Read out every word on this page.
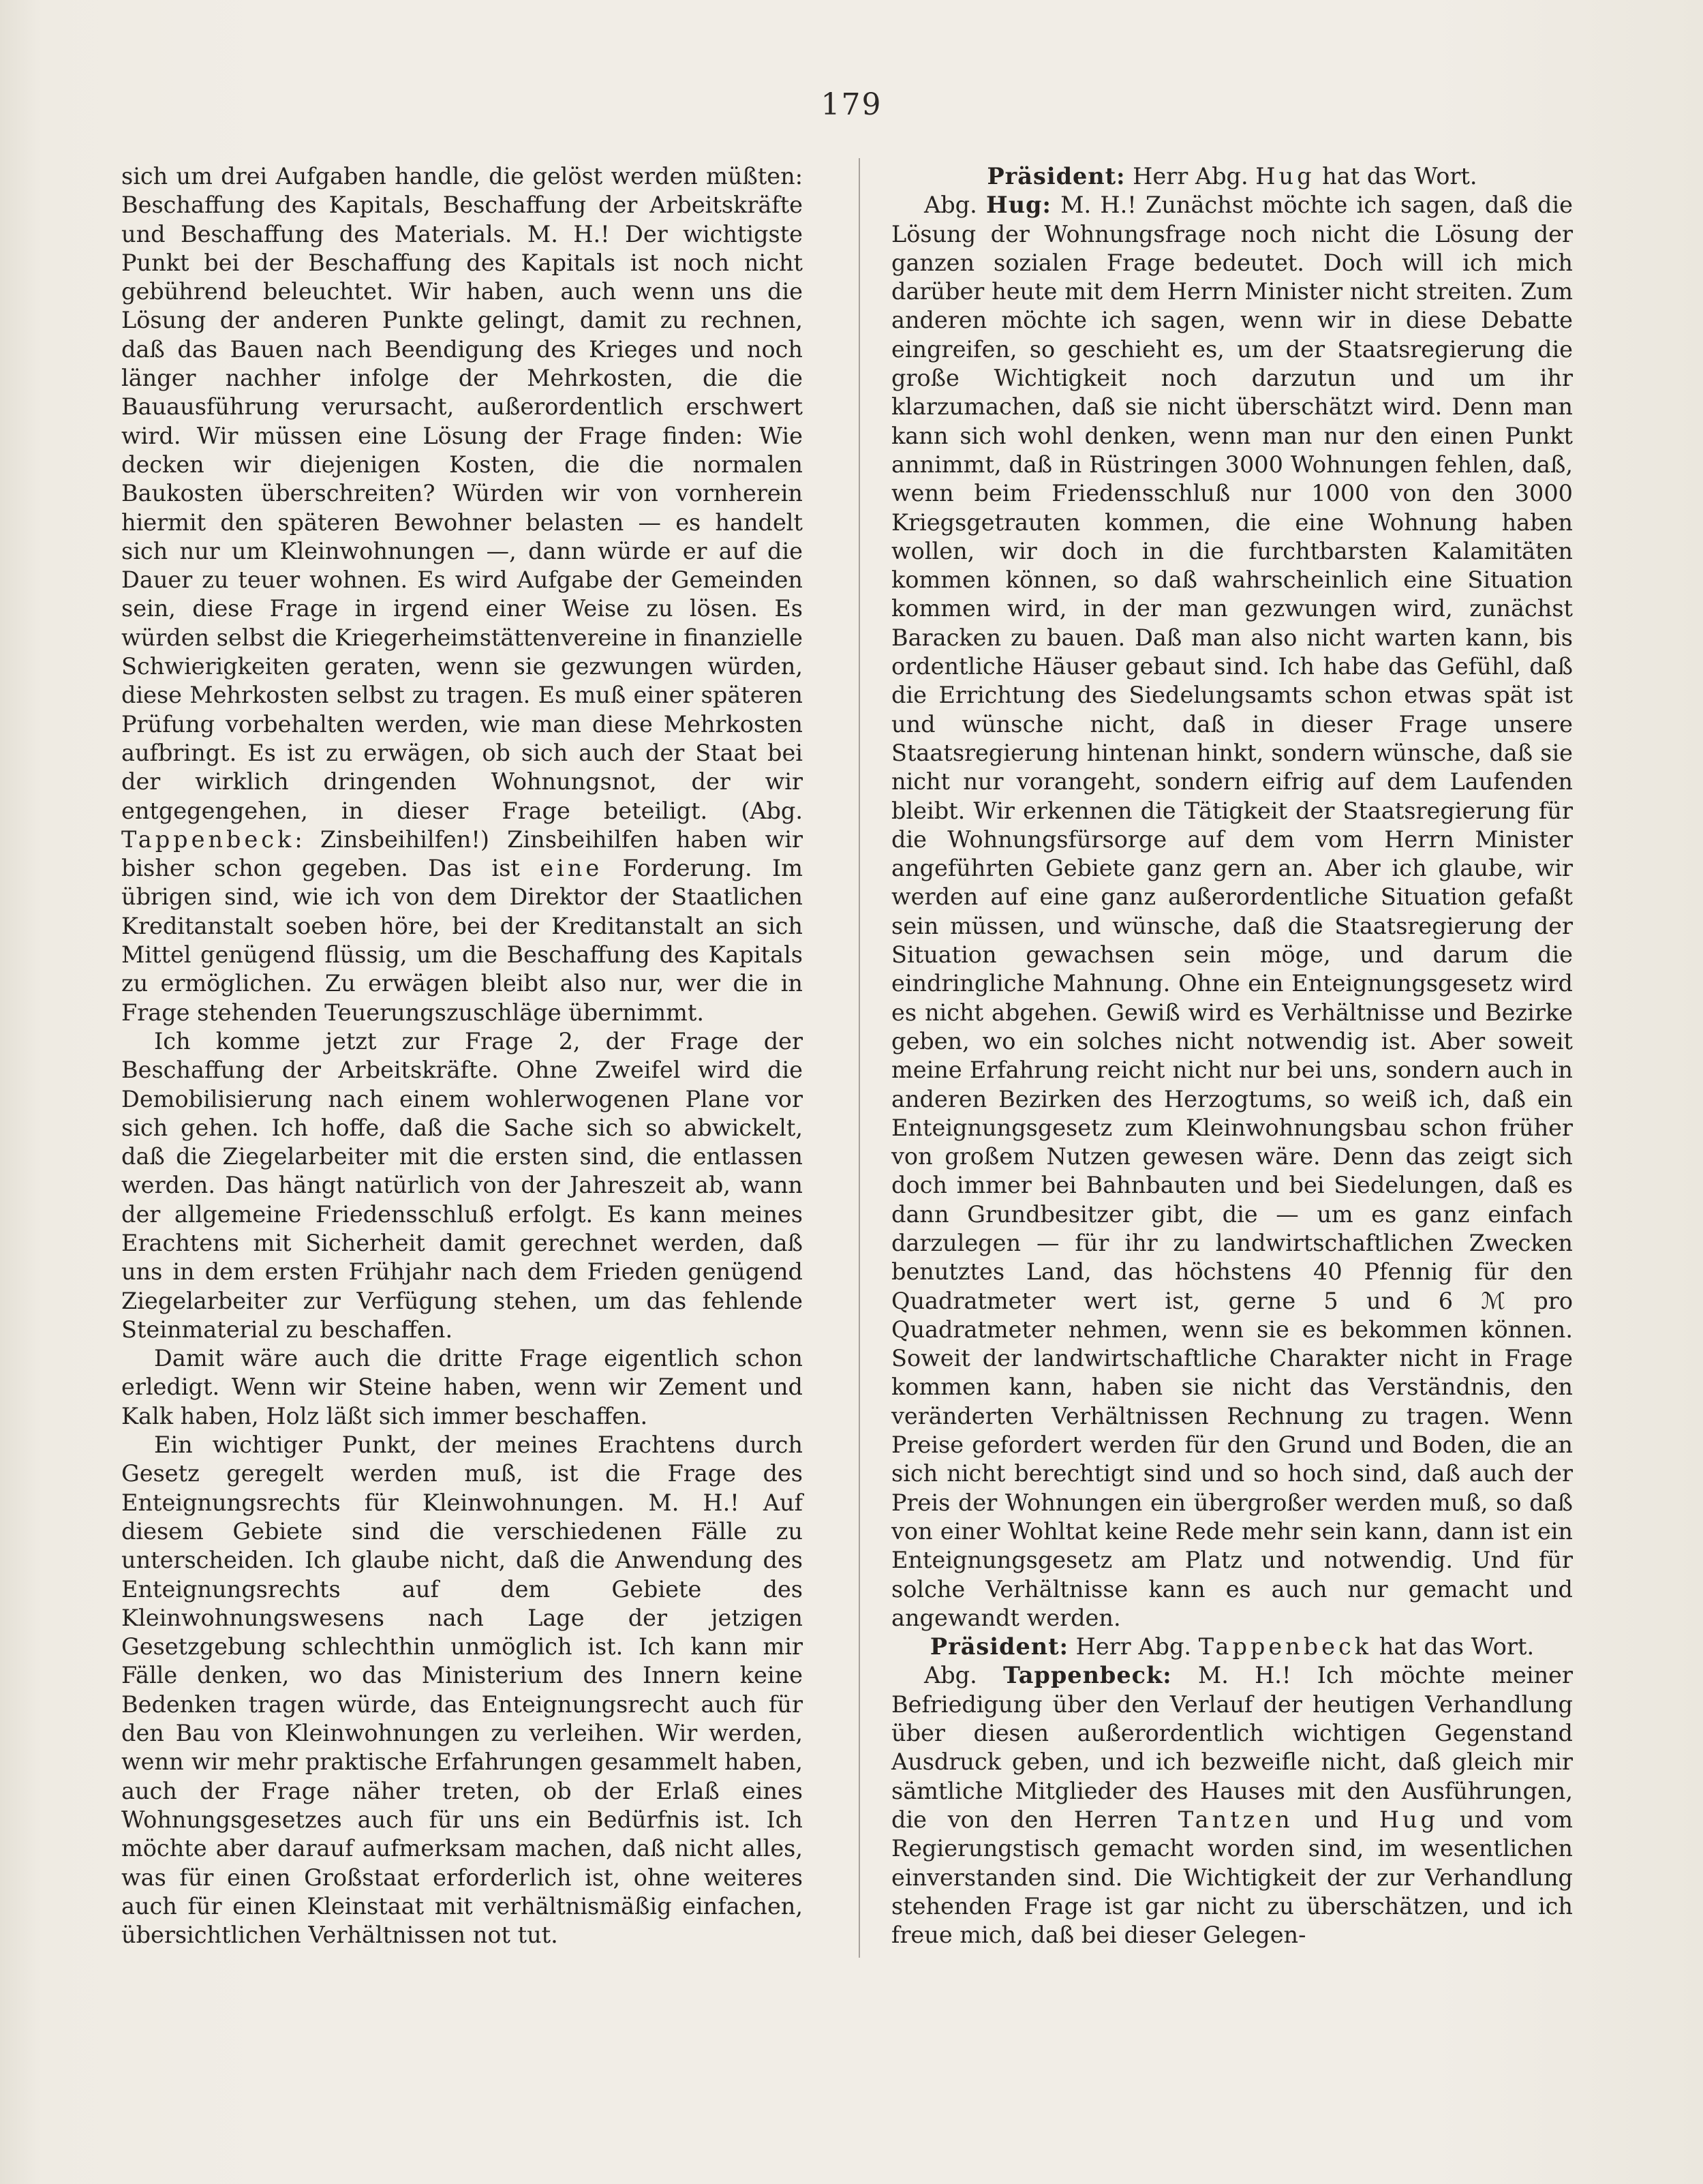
179

sich um drei Aufgaben handle, die gelöst werden müßten: Beschaffung des Kapitals, Beschaffung der Arbeitskräfte und Beschaffung des Materials. M. H.! Der wichtigste Punkt bei der Beschaffung des Kapitals ist noch nicht gebührend beleuchtet. Wir haben, auch wenn uns die Lösung der anderen Punkte gelingt, damit zu rechnen, daß das Bauen nach Beendigung des Krieges und noch länger nachher infolge der Mehrkosten, die die Bauausführung verursacht, außerordentlich erschwert wird. Wir müssen eine Lösung der Frage finden: Wie decken wir diejenigen Kosten, die die normalen Baukosten überschreiten? Würden wir von vornherein hiermit den späteren Bewohner belasten — es handelt sich nur um Kleinwohnungen —, dann würde er auf die Dauer zu teuer wohnen. Es wird Aufgabe der Gemeinden sein, diese Frage in irgend einer Weise zu lösen. Es würden selbst die Kriegerheimstättenvereine in finanzielle Schwierigkeiten geraten, wenn sie gezwungen würden, diese Mehrkosten selbst zu tragen. Es muß einer späteren Prüfung vorbehalten werden, wie man diese Mehrkosten aufbringt. Es ist zu erwägen, ob sich auch der Staat bei der wirklich dringenden Wohnungsnot, der wir entgegengehen, in dieser Frage beteiligt. (Abg. Tappenbeck: Zinsbeihilfen!) Zinsbeihilfen haben wir bisher schon gegeben. Das ist eine Forderung. Im übrigen sind, wie ich von dem Direktor der Staatlichen Kreditanstalt soeben höre, bei der Kreditanstalt an sich Mittel genügend flüssig, um die Beschaffung des Kapitals zu ermöglichen. Zu erwägen bleibt also nur, wer die in Frage stehenden Teuerungszuschläge übernimmt.

Ich komme jetzt zur Frage 2, der Frage der Beschaffung der Arbeitskräfte. Ohne Zweifel wird die Demobilisierung nach einem wohlerwogenen Plane vor sich gehen. Ich hoffe, daß die Sache sich so abwickelt, daß die Ziegelarbeiter mit die ersten sind, die entlassen werden. Das hängt natürlich von der Jahreszeit ab, wann der allgemeine Friedensschluß erfolgt. Es kann meines Erachtens mit Sicherheit damit gerechnet werden, daß uns in dem ersten Frühjahr nach dem Frieden genügend Ziegelarbeiter zur Verfügung stehen, um das fehlende Steinmaterial zu beschaffen.

Damit wäre auch die dritte Frage eigentlich schon erledigt. Wenn wir Steine haben, wenn wir Zement und Kalk haben, Holz läßt sich immer beschaffen.

Ein wichtiger Punkt, der meines Erachtens durch Gesetz geregelt werden muß, ist die Frage des Enteignungsrechts für Kleinwohnungen. M. H.! Auf diesem Gebiete sind die verschiedenen Fälle zu unterscheiden. Ich glaube nicht, daß die Anwendung des Enteignungsrechts auf dem Gebiete des Kleinwohnungswesens nach Lage der jetzigen Gesetzgebung schlechthin unmöglich ist. Ich kann mir Fälle denken, wo das Ministerium des Innern keine Bedenken tragen würde, das Enteignungsrecht auch für den Bau von Kleinwohnungen zu verleihen. Wir werden, wenn wir mehr praktische Erfahrungen gesammelt haben, auch der Frage näher treten, ob der Erlaß eines Wohnungsgesetzes auch für uns ein Bedürfnis ist. Ich möchte aber darauf aufmerksam machen, daß nicht alles, was für einen Großstaat erforderlich ist, ohne weiteres auch für einen Kleinstaat mit verhältnismäßig einfachen, übersichtlichen Verhältnissen not tut.

Präsident: Herr Abg. Hug hat das Wort.

Abg. Hug: M. H.! Zunächst möchte ich sagen, daß die Lösung der Wohnungsfrage noch nicht die Lösung der ganzen sozialen Frage bedeutet. Doch will ich mich darüber heute mit dem Herrn Minister nicht streiten. Zum anderen möchte ich sagen, wenn wir in diese Debatte eingreifen, so geschieht es, um der Staatsregierung die große Wichtigkeit noch darzutun und um ihr klarzumachen, daß sie nicht überschätzt wird. Denn man kann sich wohl denken, wenn man nur den einen Punkt annimmt, daß in Rüstringen 3000 Wohnungen fehlen, daß, wenn beim Friedensschluß nur 1000 von den 3000 Kriegsgetrauten kommen, die eine Wohnung haben wollen, wir doch in die furchtbarsten Kalamitäten kommen können, so daß wahrscheinlich eine Situation kommen wird, in der man gezwungen wird, zunächst Baracken zu bauen. Daß man also nicht warten kann, bis ordentliche Häuser gebaut sind. Ich habe das Gefühl, daß die Errichtung des Siedelungsamts schon etwas spät ist und wünsche nicht, daß in dieser Frage unsere Staatsregierung hintenan hinkt, sondern wünsche, daß sie nicht nur vorangeht, sondern eifrig auf dem Laufenden bleibt. Wir erkennen die Tätigkeit der Staatsregierung für die Wohnungsfürsorge auf dem vom Herrn Minister angeführten Gebiete ganz gern an. Aber ich glaube, wir werden auf eine ganz außerordentliche Situation gefaßt sein müssen, und wünsche, daß die Staatsregierung der Situation gewachsen sein möge, und darum die eindringliche Mahnung. Ohne ein Enteignungsgesetz wird es nicht abgehen. Gewiß wird es Verhältnisse und Bezirke geben, wo ein solches nicht notwendig ist. Aber soweit meine Erfahrung reicht nicht nur bei uns, sondern auch in anderen Bezirken des Herzogtums, so weiß ich, daß ein Enteignungsgesetz zum Kleinwohnungsbau schon früher von großem Nutzen gewesen wäre. Denn das zeigt sich doch immer bei Bahnbauten und bei Siedelungen, daß es dann Grundbesitzer gibt, die — um es ganz einfach darzulegen — für ihr zu landwirtschaftlichen Zwecken benutztes Land, das höchstens 40 Pfennig für den Quadratmeter wert ist, gerne 5 und 6 ℳ pro Quadratmeter nehmen, wenn sie es bekommen können. Soweit der landwirtschaftliche Charakter nicht in Frage kommen kann, haben sie nicht das Verständnis, den veränderten Verhältnissen Rechnung zu tragen. Wenn Preise gefordert werden für den Grund und Boden, die an sich nicht berechtigt sind und so hoch sind, daß auch der Preis der Wohnungen ein übergroßer werden muß, so daß von einer Wohltat keine Rede mehr sein kann, dann ist ein Enteignungsgesetz am Platz und notwendig. Und für solche Verhältnisse kann es auch nur gemacht und angewandt werden.

Präsident: Herr Abg. Tappenbeck hat das Wort.

Abg. Tappenbeck: M. H.! Ich möchte meiner Befriedigung über den Verlauf der heutigen Verhandlung über diesen außerordentlich wichtigen Gegenstand Ausdruck geben, und ich bezweifle nicht, daß gleich mir sämtliche Mitglieder des Hauses mit den Ausführungen, die von den Herren Tantzen und Hug und vom Regierungstisch gemacht worden sind, im wesentlichen einverstanden sind. Die Wichtigkeit der zur Verhandlung stehenden Frage ist gar nicht zu überschätzen, und ich freue mich, daß bei dieser Gelegen-
